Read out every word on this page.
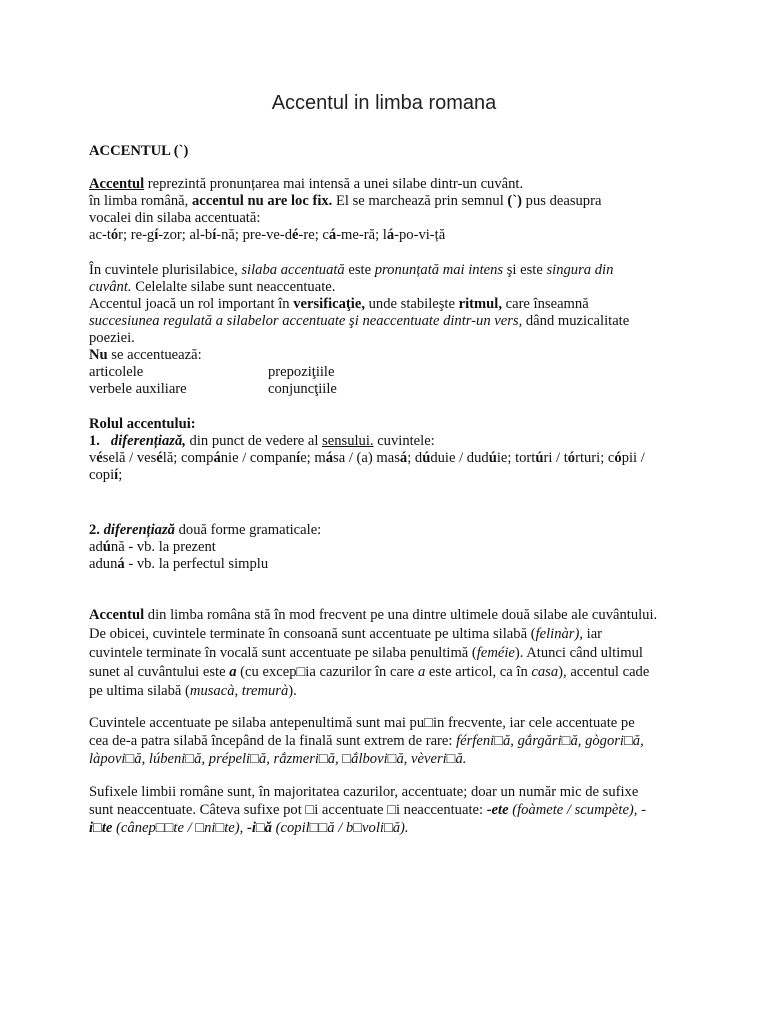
Accentul in limba romana
ACCENTUL (`)
Accentul reprezintă pronunțarea mai intensă a unei silabe dintr-un cuvânt.
în limba română, accentul nu are loc fix. El se marchează prin semnul (`) pus deasupra
vocalei din silaba accentuată:
ac-tór; re-gí-zor; al-bí-nă; pre-ve-dé-re; cá-me-ră; lá-po-vi-ță
În cuvintele plurisilabice, silaba accentuată este pronunțată mai intens şi este singura din
cuvânt. Celelalte silabe sunt neaccentuate.
Accentul joacă un rol important în versificaţie, unde stabileşte ritmul, care înseamnă
succesiunea regulată a silabelor accentuate şi neaccentuate dintr-un vers, dând muzicalitate
poeziei.
Nu se accentuează:
articolele	prepoziţiile
verbele auxiliare	conjuncţiile
Rolul accentului:
1. diferențiază, din punct de vedere al sensului. cuvintele:
véselă / vesélă; compánie / companíe; mása / (a) masá; dúduie / dudúie; tortúri / tórturi; cópii /
copií;
2. diferențiază două forme gramaticale:
adúnă - vb. la prezent
aduná - vb. la perfectul simplu
Accentul din limba româna stă în mod frecvent pe una dintre ultimele două silabe ale cuvântului.
De obicei, cuvintele terminate în consoană sunt accentuate pe ultima silabă (felinàr), iar
cuvintele terminate în vocală sunt accentuate pe silaba penultimă (feméie). Atunci când ultimul
sunet al cuvântului este a (cu excep□ia cazurilor în care a este articol, ca în casa), accentul cade
pe ultima silabă (musacà, tremurà).
Cuvintele accentuate pe silaba antepenultimă sunt mai pu□in frecvente, iar cele accentuate pe
cea de-a patra silabă începând de la finală sunt extrem de rare: férfeni□ă, gắrgări□ă, gògori□ă,
làpovi□ă, lúbeni□ă, prépeli□ă, rắzmeri□ă, □ắlbovi□ă, vèveri□ă.
Sufixele limbii române sunt, în majoritatea cazurilor, accentuate; doar un număr mic de sufixe
sunt neaccentuate. Câteva sufixe pot □i accentuate □i neaccentuate: -ete (foàmete / scumpète), -
i□te (cânep□□te / □ni□te), -i□ă (copil□□ă / b□voli□ă).
